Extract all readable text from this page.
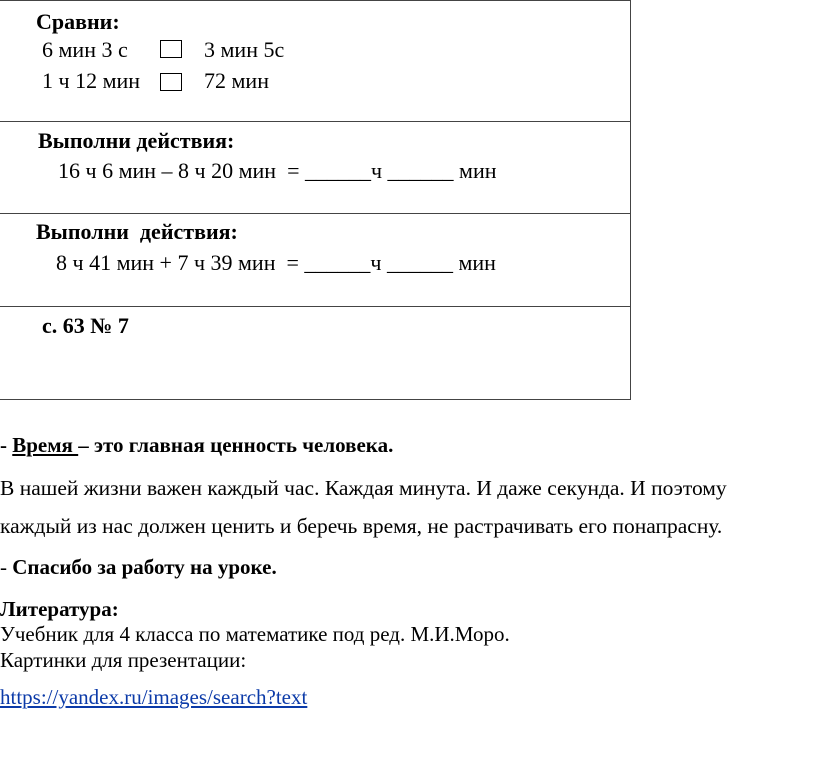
Сравни:
6 мин 3 с	3 мин 5с
1 ч 12 мин	72 мин
Выполни действия:
16 ч 6 мин – 8 ч 20 мин  = ______ч ______ мин
Выполни  действия:
8 ч 41 мин + 7 ч 39 мин  = ______ч ______ мин
с. 63 № 7
- Время – это главная ценность человека.
В нашей жизни важен каждый час. Каждая минута. И даже секунда. И поэтому
каждый из нас должен ценить и беречь время, не растрачивать его понапрасну.
- Спасибо за работу на уроке.
Литература:
Учебник для 4 класса по математике под ред. М.И.Моро.
Картинки для презентации:
https://yandex.ru/images/search?text
